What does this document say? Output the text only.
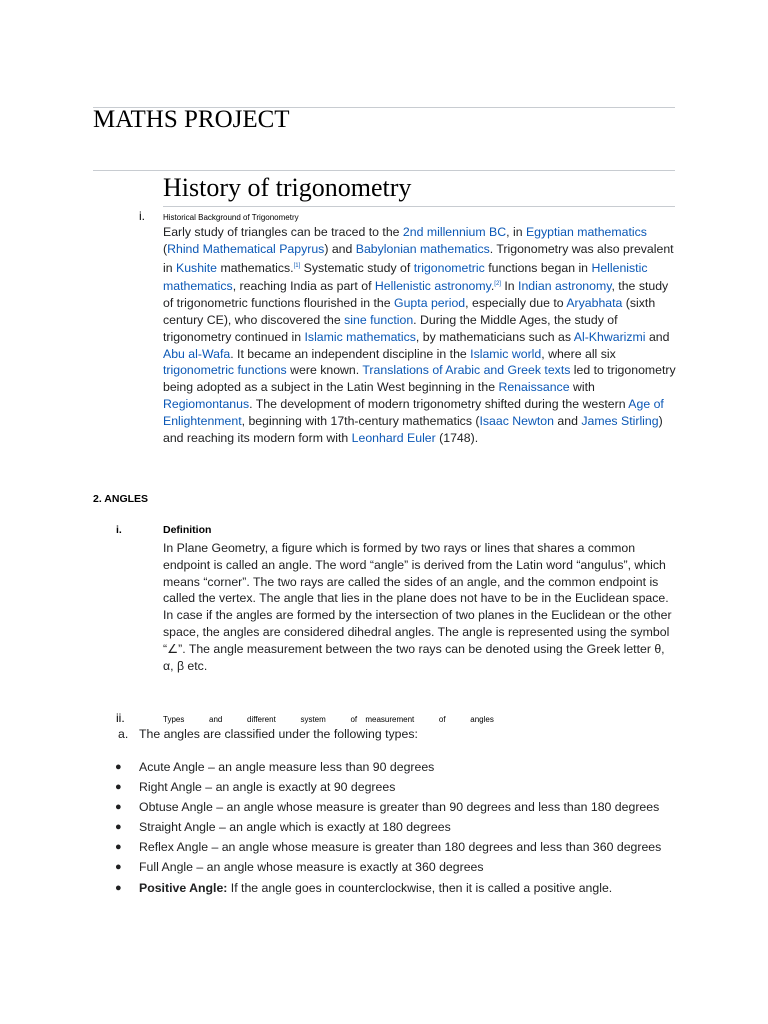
MATHS PROJECT
History of trigonometry
i. Historical Background of Trigonometry

Early study of triangles can be traced to the 2nd millennium BC, in Egyptian mathematics (Rhind Mathematical Papyrus) and Babylonian mathematics. Trigonometry was also prevalent in Kushite mathematics.[1] Systematic study of trigonometric functions began in Hellenistic mathematics, reaching India as part of Hellenistic astronomy.[2] In Indian astronomy, the study of trigonometric functions flourished in the Gupta period, especially due to Aryabhata (sixth century CE), who discovered the sine function. During the Middle Ages, the study of trigonometry continued in Islamic mathematics, by mathematicians such as Al-Khwarizmi and Abu al-Wafa. It became an independent discipline in the Islamic world, where all six trigonometric functions were known. Translations of Arabic and Greek texts led to trigonometry being adopted as a subject in the Latin West beginning in the Renaissance with Regiomontanus. The development of modern trigonometry shifted during the western Age of Enlightenment, beginning with 17th-century mathematics (Isaac Newton and James Stirling) and reaching its modern form with Leonhard Euler (1748).

2. ANGLES
i.	Definition

In Plane Geometry, a figure which is formed by two rays or lines that shares a common endpoint is called an angle. The word “angle” is derived from the Latin word “angulus”, which means “corner”. The two rays are called the sides of an angle, and the common endpoint is called the vertex. The angle that lies in the plane does not have to be in the Euclidean space. In case if the angles are formed by the intersection of two planes in the Euclidean or the other space, the angles are considered dihedral angles. The angle is represented using the symbol “∠”. The angle measurement between the two rays can be denoted using the Greek letter θ, α, β etc.

ii.	Types   and   different   system   of measurement   of   angles
a. The angles are classified under the following types:
●	Acute Angle – an angle measure less than 90 degrees
●	Right Angle – an angle is exactly at 90 degrees
●	Obtuse Angle – an angle whose measure is greater than 90 degrees and less than 180 degrees
●	Straight Angle – an angle which is exactly at 180 degrees
●	Reflex Angle – an angle whose measure is greater than 180 degrees and less than 360 degrees
●	Full Angle – an angle whose measure is exactly at 360 degrees
●	Positive Angle: If the angle goes in counterclockwise, then it is called a positive angle.
